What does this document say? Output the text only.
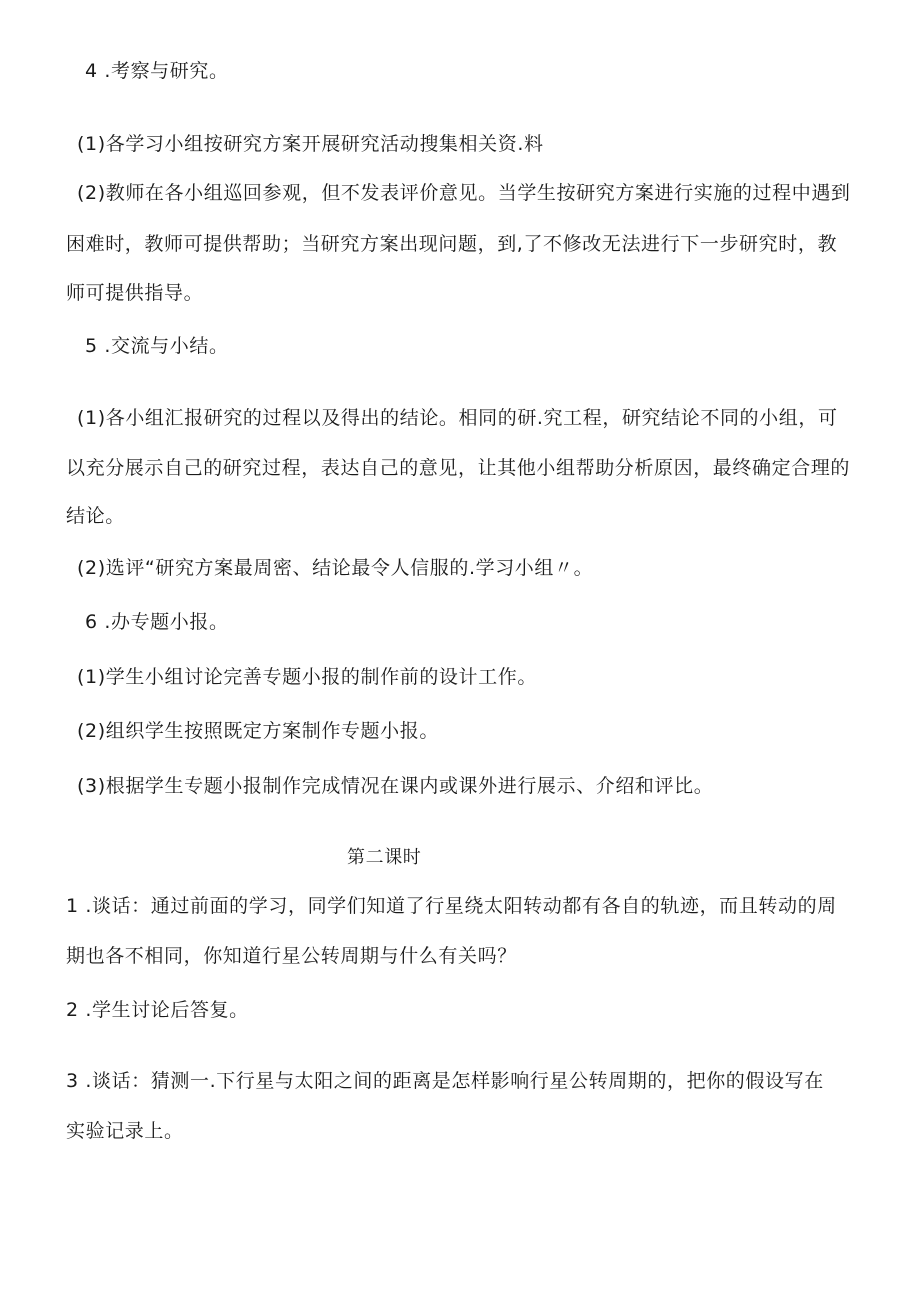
4 .考察与研究。
(1)各学习小组按研究方案开展研究活动搜集相关资.料
(2)教师在各小组巡回参观，但不发表评价意见。当学生按研究方案进行实施的过程中遇到
困难时，教师可提供帮助；当研究方案出现问题，到,了不修改无法进行下一步研究时，教
师可提供指导。
5 .交流与小结。
(1)各小组汇报研究的过程以及得出的结论。相同的研.究工程，研究结论不同的小组，可
以充分展示自己的研究过程，表达自己的意见，让其他小组帮助分析原因，最终确定合理的
结论。
(2)选评“研究方案最周密、结论最令人信服的.学习小组〃。
6 .办专题小报。
(1)学生小组讨论完善专题小报的制作前的设计工作。
(2)组织学生按照既定方案制作专题小报。
(3)根据学生专题小报制作完成情况在课内或课外进行展示、介绍和评比。
第二课时
1 .谈话：通过前面的学习，同学们知道了行星绕太阳转动都有各自的轨迹，而且转动的周
期也各不相同，你知道行星公转周期与什么有关吗？
2 .学生讨论后答复。
3 .谈话：猜测一.下行星与太阳之间的距离是怎样影响行星公转周期的，把你的假设写在
实验记录上。
